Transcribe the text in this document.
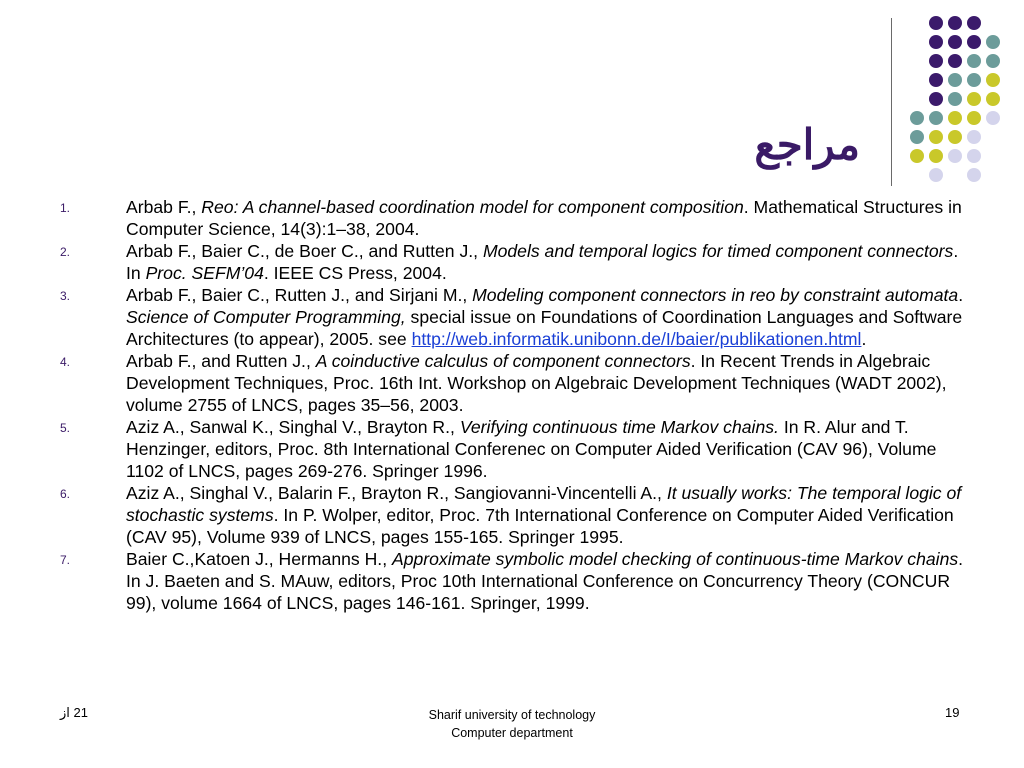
مراجع
1.	Arbab F., Reo: A channel-based coordination model for component composition. Mathematical Structures in Computer Science, 14(3):1–38, 2004.
2.	Arbab F., Baier C., de Boer C., and Rutten J., Models and temporal logics for timed component connectors. In Proc. SEFM’04. IEEE CS Press, 2004.
3.	Arbab F., Baier C., Rutten J., and Sirjani M., Modeling component connectors in reo by constraint automata. Science of Computer Programming, special issue on Foundations of Coordination Languages and Software Architectures (to appear), 2005. see http://web.informatik.unibonn.de/I/baier/publikationen.html.
4.	Arbab F., and Rutten J., A coinductive calculus of component connectors. In Recent Trends in Algebraic Development Techniques, Proc. 16th Int. Workshop on Algebraic Development Techniques (WADT 2002), volume 2755 of LNCS, pages 35–56, 2003.
5.	Aziz A., Sanwal K., Singhal V., Brayton R., Verifying continuous time Markov chains. In R. Alur and T. Henzinger, editors, Proc. 8th International Conferenec on Computer Aided Verification (CAV 96), Volume 1102 of LNCS, pages 269-276. Springer 1996.
6.	Aziz A., Singhal V., Balarin F., Brayton R., Sangiovanni-Vincentelli A., It usually works: The temporal logic of stochastic systems. In P. Wolper, editor, Proc. 7th International Conference on Computer Aided Verification (CAV 95), Volume 939 of LNCS, pages 155-165. Springer 1995.
7.	Baier C.,Katoen J., Hermanns H., Approximate symbolic model checking of continuous-time Markov chains. In J. Baeten and S. MAuw, editors, Proc 10th International Conference on Concurrency Theory (CONCUR 99), volume 1664 of LNCS, pages 146-161. Springer, 1999.
21 از	Sharif university of technology
Computer department
19
